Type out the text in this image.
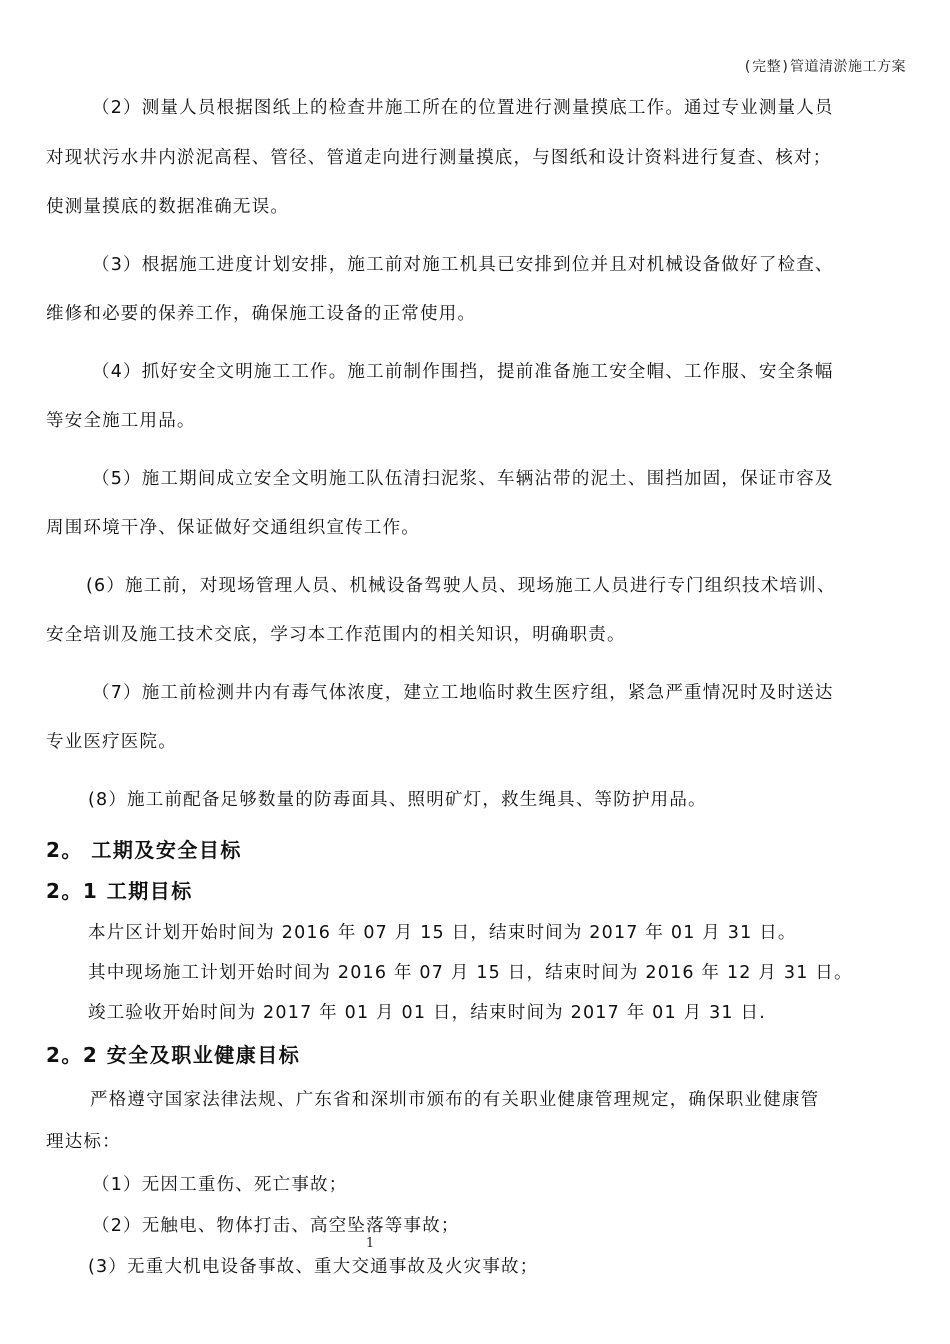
(完整)管道清淤施工方案

（2）测量人员根据图纸上的检查井施工所在的位置进行测量摸底工作。通过专业测量人员
对现状污水井内淤泥高程、管径、管道走向进行测量摸底，与图纸和设计资料进行复查、核对；
使测量摸底的数据准确无误。

（3）根据施工进度计划安排，施工前对施工机具已安排到位并且对机械设备做好了检查、
维修和必要的保养工作，确保施工设备的正常使用。

（4）抓好安全文明施工工作。施工前制作围挡，提前准备施工安全帽、工作服、安全条幅
等安全施工用品。

（5）施工期间成立安全文明施工队伍清扫泥浆、车辆沾带的泥土、围挡加固，保证市容及
周围环境干净、保证做好交通组织宣传工作。

(6）施工前，对现场管理人员、机械设备驾驶人员、现场施工人员进行专门组织技术培训、
安全培训及施工技术交底，学习本工作范围内的相关知识，明确职责。

（7）施工前检测井内有毒气体浓度，建立工地临时救生医疗组，紧急严重情况时及时送达
专业医疗医院。

(8）施工前配备足够数量的防毒面具、照明矿灯，救生绳具、等防护用品。

2。 工期及安全目标
2。1 工期目标

本片区计划开始时间为 2016 年 07 月 15 日，结束时间为 2017 年 01 月 31 日。

其中现场施工计划开始时间为 2016 年 07 月 15 日，结束时间为 2016 年 12 月 31 日。

竣工验收开始时间为 2017 年 01 月 01 日，结束时间为 2017 年 01 月 31 日.

2。2 安全及职业健康目标

严格遵守国家法律法规、广东省和深圳市颁布的有关职业健康管理规定，确保职业健康管
理达标：

（1）无因工重伤、死亡事故；

（2）无触电、物体打击、高空坠落等事故；

(3）无重大机电设备事故、重大交通事故及火灾事故；

1
